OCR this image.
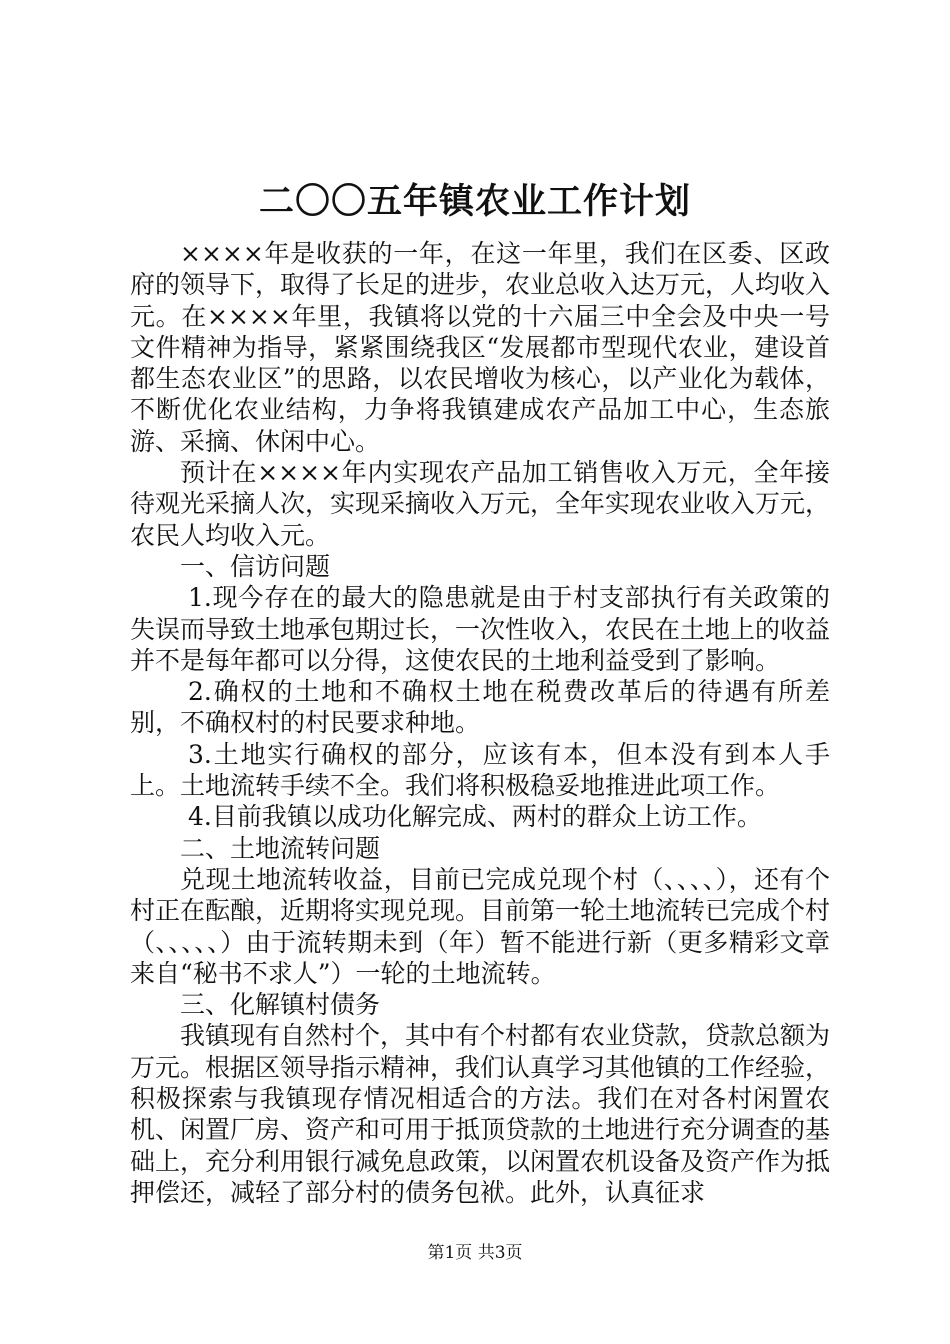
二〇〇五年镇农业工作计划

××××年是收获的一年，在这一年里，我们在区委、区政府的领导下，取得了长足的进步，农业总收入达万元，人均收入元。在××××年里，我镇将以党的十六届三中全会及中央一号文件精神为指导，紧紧围绕我区“发展都市型现代农业，建设首都生态农业区”的思路，以农民增收为核心，以产业化为载体，不断优化农业结构，力争将我镇建成农产品加工中心，生态旅游、采摘、休闲中心。

预计在××××年内实现农产品加工销售收入万元，全年接待观光采摘人次，实现采摘收入万元，全年实现农业收入万元，农民人均收入元。

一、信访问题

1.现今存在的最大的隐患就是由于村支部执行有关政策的失误而导致土地承包期过长，一次性收入，农民在土地上的收益并不是每年都可以分得，这使农民的土地利益受到了影响。

2.确权的土地和不确权土地在税费改革后的待遇有所差别，不确权村的村民要求种地。

3.土地实行确权的部分，应该有本，但本没有到本人手上。土地流转手续不全。我们将积极稳妥地推进此项工作。

4.目前我镇以成功化解完成、两村的群众上访工作。

二、土地流转问题

兑现土地流转收益，目前已完成兑现个村（、、、、），还有个村正在酝酿，近期将实现兑现。目前第一轮土地流转已完成个村（、、、、、）由于流转期未到（年）暂不能进行新（更多精彩文章来自“秘书不求人”）一轮的土地流转。

三、化解镇村债务

我镇现有自然村个，其中有个村都有农业贷款，贷款总额为万元。根据区领导指示精神，我们认真学习其他镇的工作经验，积极探索与我镇现存情况相适合的方法。我们在对各村闲置农机、闲置厂房、资产和可用于抵顶贷款的土地进行充分调查的基础上，充分利用银行减免息政策，以闲置农机设备及资产作为抵押偿还，减轻了部分村的债务包袱。此外，认真征求

第1页 共3页
